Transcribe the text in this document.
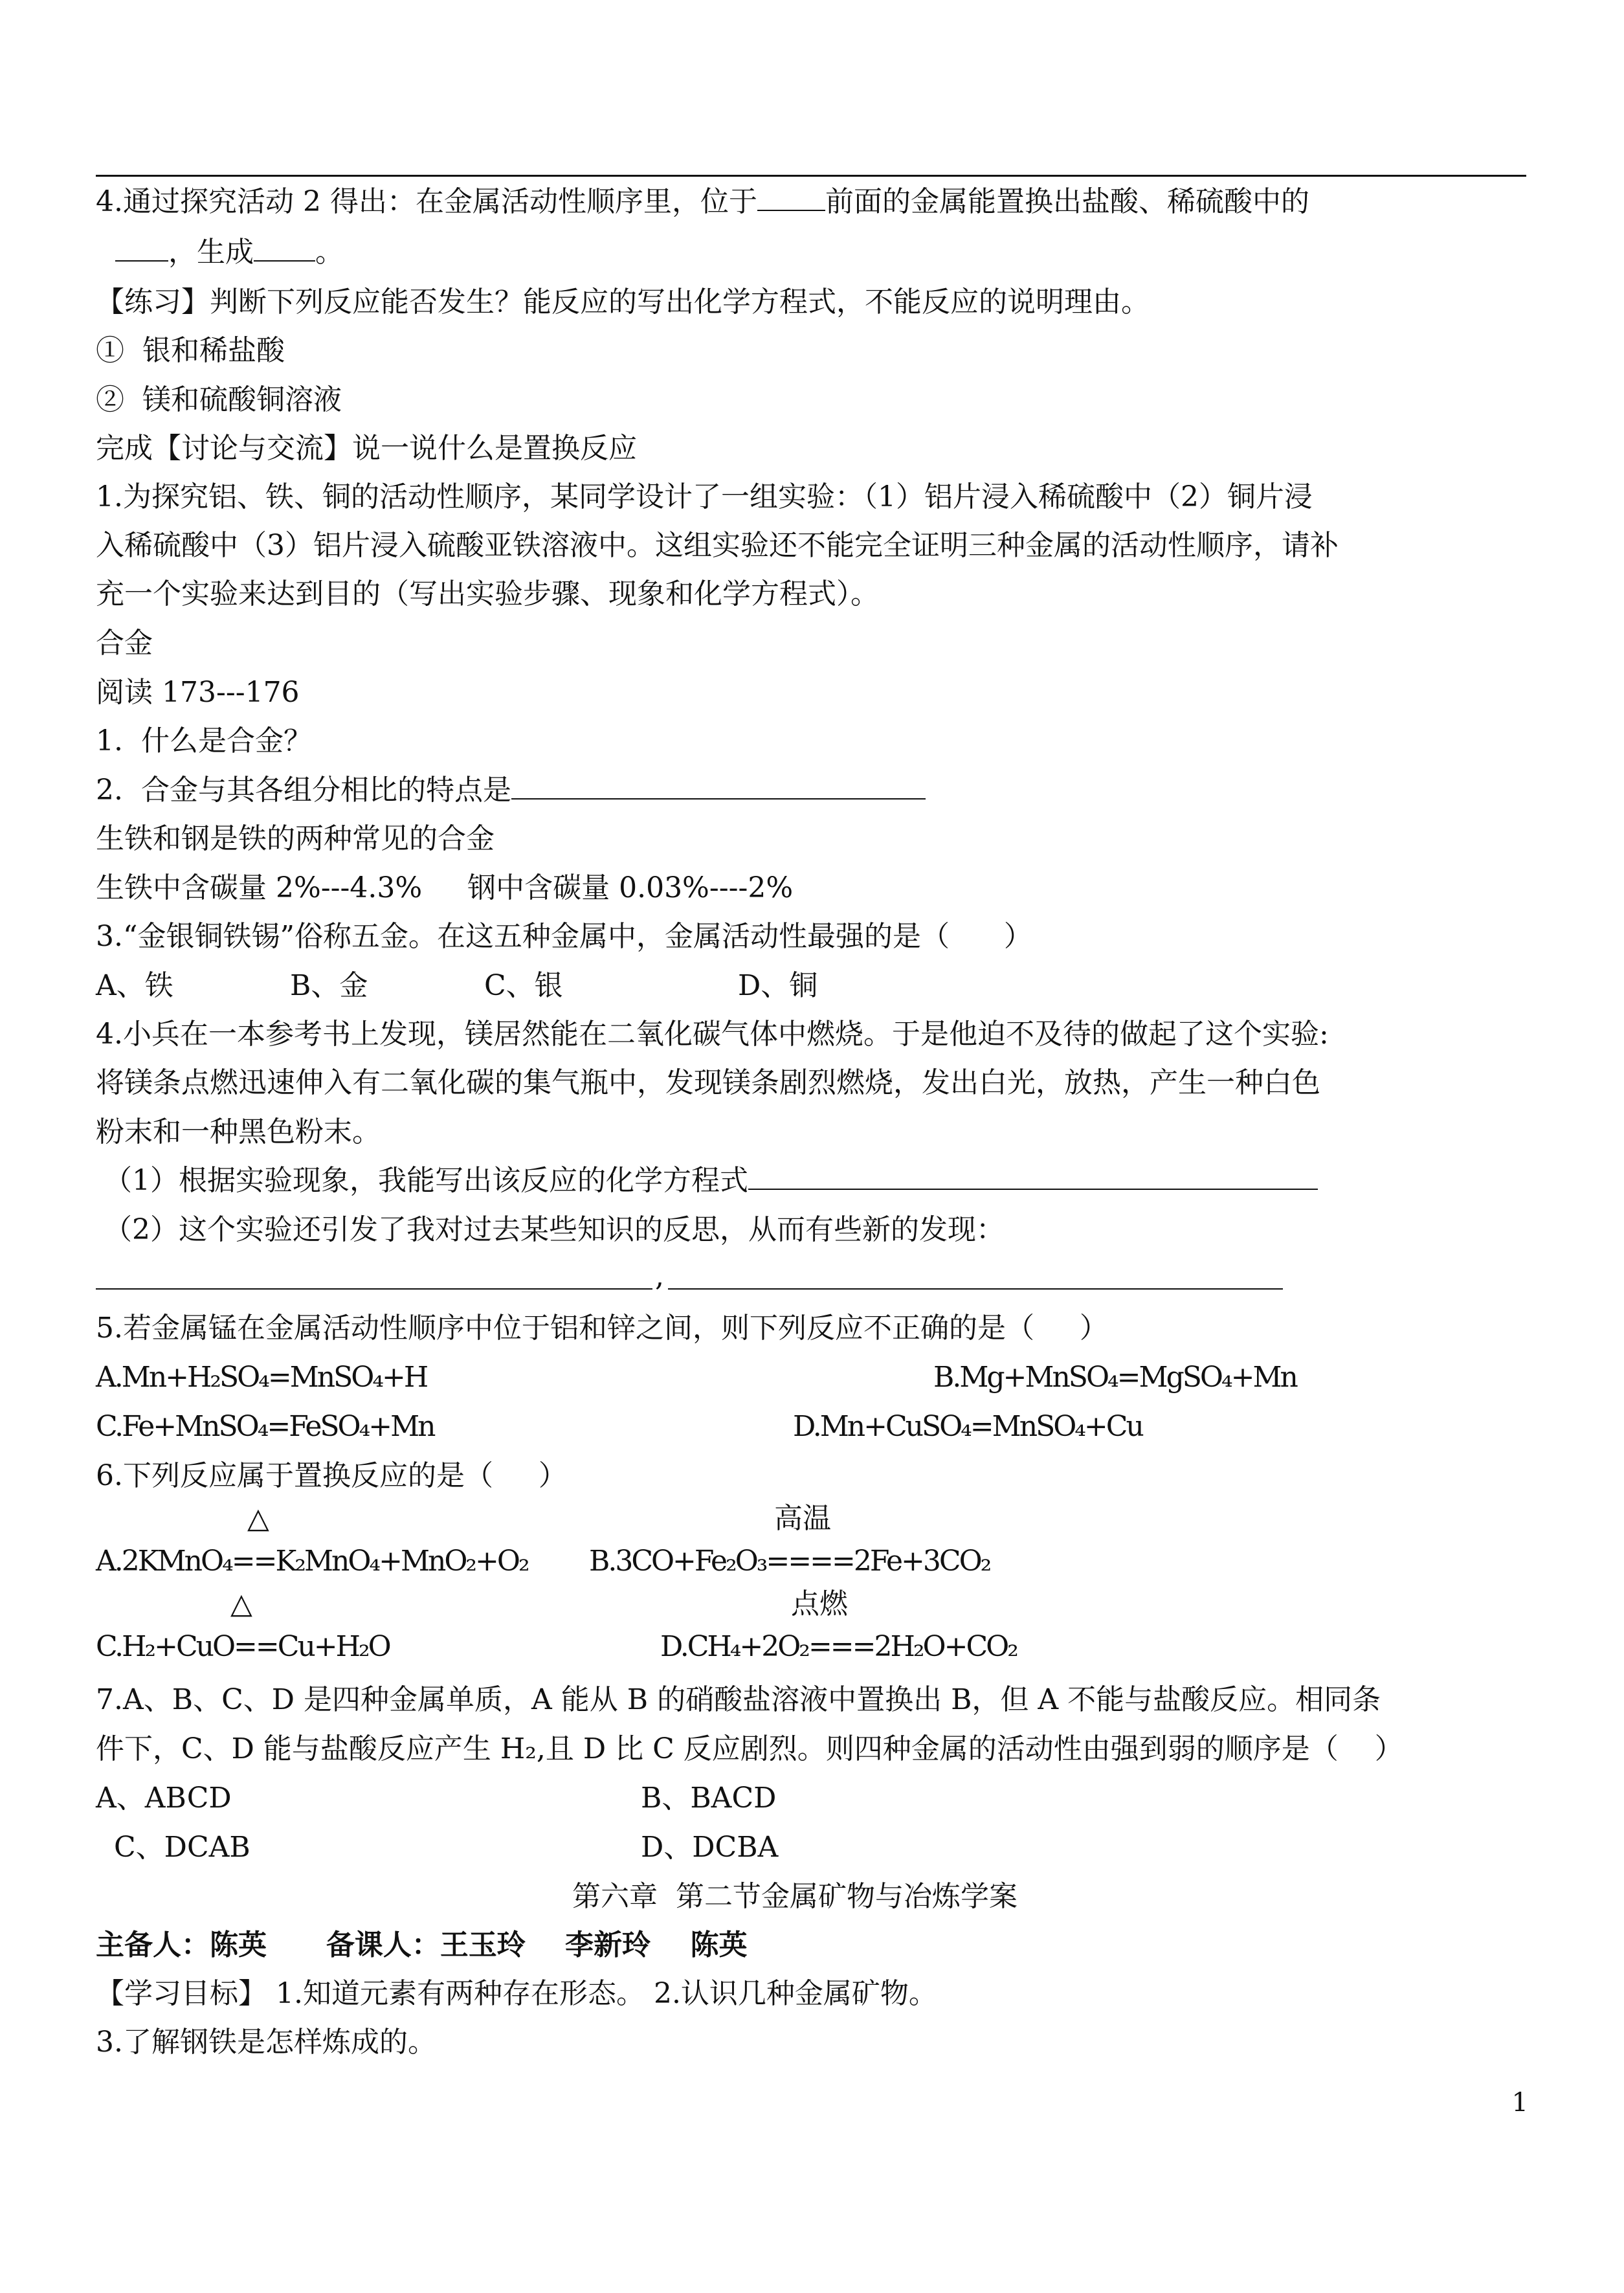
4.通过探究活动 2 得出：在金属活动性顺序里，位于 前面的金属能置换出盐酸、稀硫酸中的
，生成 。
【练习】判断下列反应能否发生？能反应的写出化学方程式，不能反应的说明理由。
①  银和稀盐酸
②  镁和硫酸铜溶液
完成【讨论与交流】说一说什么是置换反应
1.为探究铝、铁、铜的活动性顺序，某同学设计了一组实验：（1）铝片浸入稀硫酸中（2）铜片浸
入稀硫酸中（3）铝片浸入硫酸亚铁溶液中。这组实验还不能完全证明三种金属的活动性顺序，请补
充一个实验来达到目的（写出实验步骤、现象和化学方程式）。
合金
阅读 173---176
1.  什么是合金？
2.  合金与其各组分相比的特点是
生铁和钢是铁的两种常见的合金
生铁中含碳量 2%---4.3%     钢中含碳量 0.03%----2%
3.“金银铜铁锡”俗称五金。在这五种金属中，金属活动性最强的是（      ）
A、铁	B、金	C、银	D、铜
4.小兵在一本参考书上发现，镁居然能在二氧化碳气体中燃烧。于是他迫不及待的做起了这个实验:
将镁条点燃迅速伸入有二氧化碳的集气瓶中，发现镁条剧烈燃烧，发出白光，放热，产生一种白色
粉末和一种黑色粉末。
（1）根据实验现象，我能写出该反应的化学方程式
（2）这个实验还引发了我对过去某些知识的反思，从而有些新的发现：
,
5.若金属锰在金属活动性顺序中位于铝和锌之间，则下列反应不正确的是（     ）
A.Mn+H₂SO₄=MnSO₄+H	B.Mg+MnSO₄=MgSO₄+Mn
C.Fe+MnSO₄=FeSO₄+Mn	D.Mn+CuSO₄=MnSO₄+Cu
6.下列反应属于置换反应的是（     ）
△	高温
A.2KMnO₄==K₂MnO₄+MnO₂+O₂ B.3CO+Fe₂O₃====2Fe+3CO₂
△	点燃
C.H₂+CuO==Cu+H₂O	D.CH₄+2O₂===2H₂O+CO₂
7.A、B、C、D 是四种金属单质，A 能从 B 的硝酸盐溶液中置换出 B，但 A 不能与盐酸反应。相同条
件下，C、D 能与盐酸反应产生 H₂,且 D 比 C 反应剧烈。则四种金属的活动性由强到弱的顺序是（    ）
A、ABCD	B、BACD
C、DCAB	D、DCBA
第六章  第二节金属矿物与冶炼学案
主备人：陈英      备课人：王玉玲    李新玲    陈英
【学习目标】 1.知道元素有两种存在形态。 2.认识几种金属矿物。
3.了解钢铁是怎样炼成的。
1
